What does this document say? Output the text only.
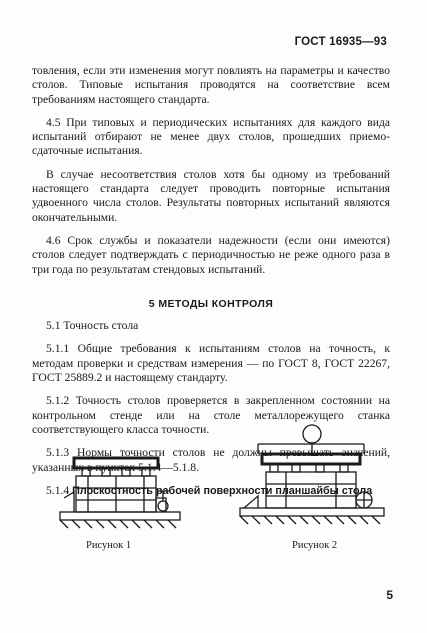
ГОСТ 16935—93

товления, если эти изменения могут повлиять на параметры и качество столов. Типовые испытания проводятся на соответствие всем требованиям настоящего стандарта.

4.5 При типовых и периодических испытаниях для каждого вида испытаний отбирают не менее двух столов, прошедших приемо-сдаточные испытания.

В случае несоответствия столов хотя бы одному из требований настоящего стандарта следует проводить повторные испытания удвоенного числа столов. Результаты повторных испытаний являются окончательными.

4.6 Срок службы и показатели надежности (если они имеются) столов следует подтверждать с периодичностью не реже одного раза в три года по результатам стендовых испытаний.

5 МЕТОДЫ КОНТРОЛЯ

5.1 Точность стола

5.1.1 Общие требования к испытаниям столов на точность, к методам проверки и средствам измерения — по ГОСТ 8, ГОСТ 22267, ГОСТ 25889.2 и настоящему стандарту.

5.1.2 Точность столов проверяется в закрепленном состоянии на контрольном стенде или на столе металлорежущего станка соответствующего класса точности.

5.1.3 Нормы точности столов не должны превышать значений, указанных в пунктах 5.1.4—5.1.8.

5.1.4 Плоскостность рабочей поверхности планшайбы стола

Рисунок 1	Рисунок 2
5
